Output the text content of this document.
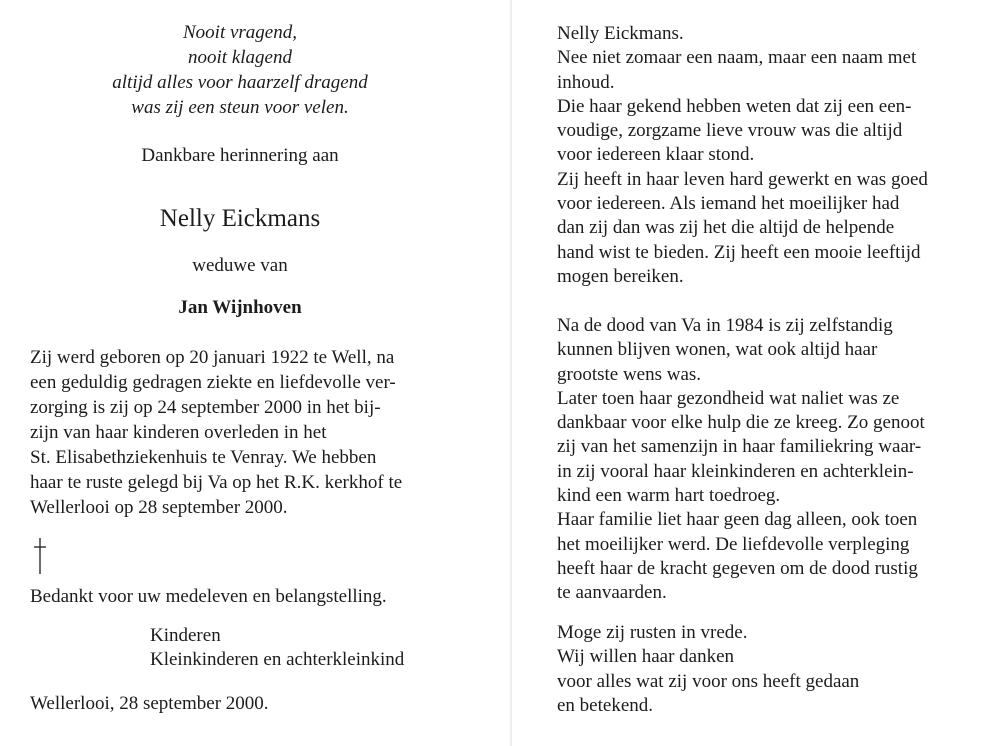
Nooit vragend,
nooit klagend
altijd alles voor haarzelf dragend
was zij een steun voor velen.
Dankbare herinnering aan
Nelly Eickmans
weduwe van
Jan Wijnhoven
Zij werd geboren op 20 januari 1922 te Well, na
een geduldig gedragen ziekte en liefdevolle ver-
zorging is zij op 24 september 2000 in het bij-
zijn van haar kinderen overleden in het
St. Elisabethziekenhuis te Venray. We hebben
haar te ruste gelegd bij Va op het R.K. kerkhof te
Wellerlooi op 28 september 2000.
Bedankt voor uw medeleven en belangstelling.
Kinderen
Kleinkinderen en achterkleinkind
Wellerlooi, 28 september 2000.
Nelly Eickmans.
Nee niet zomaar een naam, maar een naam met
inhoud.
Die haar gekend hebben weten dat zij een een-
voudige, zorgzame lieve vrouw was die altijd
voor iedereen klaar stond.
Zij heeft in haar leven hard gewerkt en was goed
voor iedereen. Als iemand het moeilijker had
dan zij dan was zij het die altijd de helpende
hand wist te bieden. Zij heeft een mooie leeftijd
mogen bereiken.
Na de dood van Va in 1984 is zij zelfstandig
kunnen blijven wonen, wat ook altijd haar
grootste wens was.
Later toen haar gezondheid wat naliet was ze
dankbaar voor elke hulp die ze kreeg. Zo genoot
zij van het samenzijn in haar familiekring waar-
in zij vooral haar kleinkinderen en achterklein-
kind een warm hart toedroeg.
Haar familie liet haar geen dag alleen, ook toen
het moeilijker werd. De liefdevolle verpleging
heeft haar de kracht gegeven om de dood rustig
te aanvaarden.
Moge zij rusten in vrede.
Wij willen haar danken
voor alles wat zij voor ons heeft gedaan
en betekend.
